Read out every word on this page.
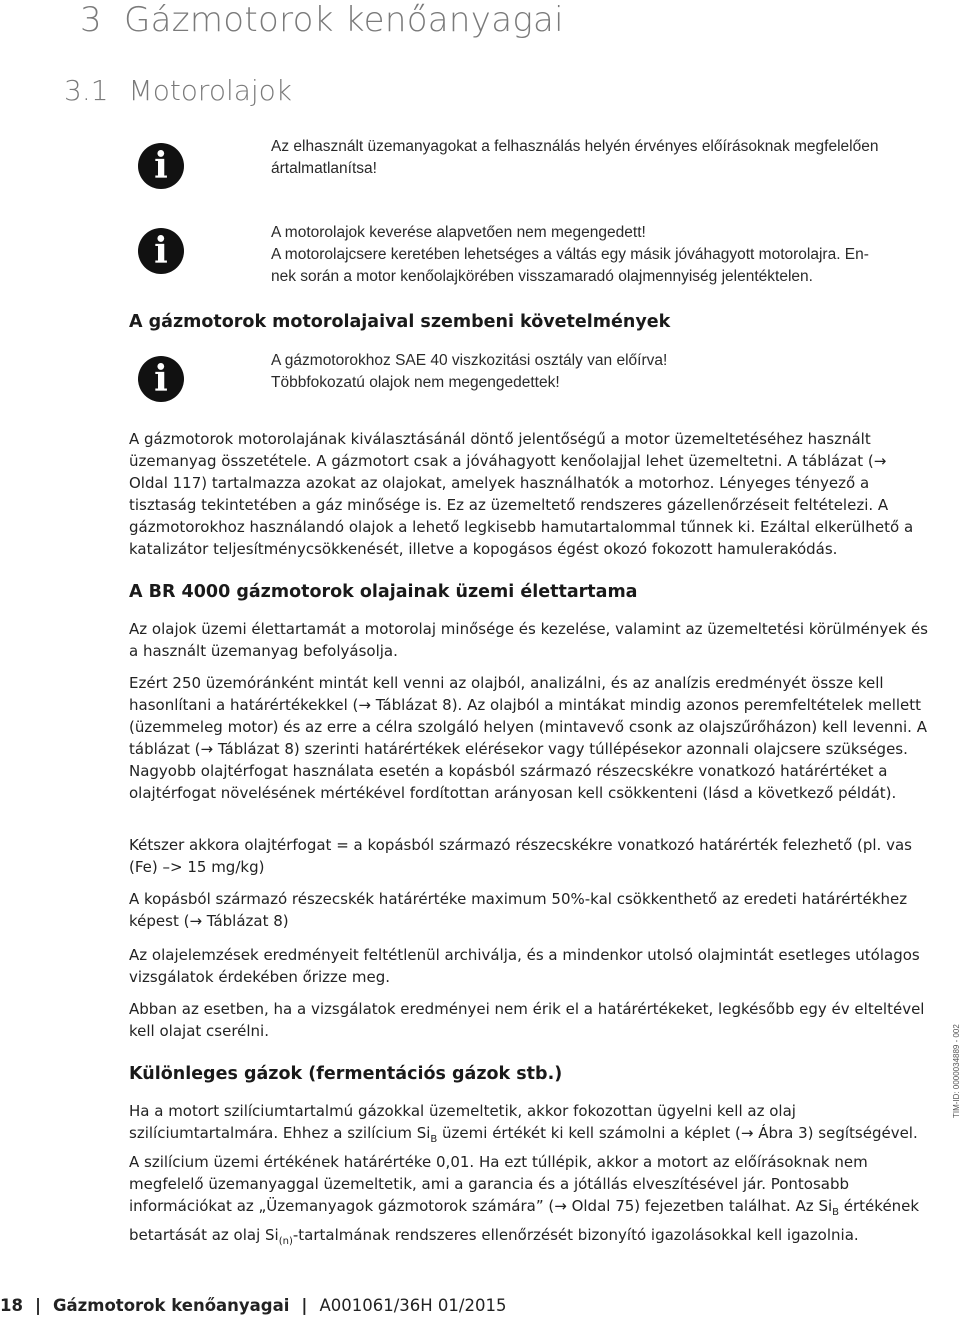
3 Gázmotorok kenőanyagai
3.1 Motorolajok
i	Az elhasznált üzemanyagokat a felhasználás helyén érvényes előírásoknak megfelelően

ártalmatlanítsa!

i	A motorolajok keverése alapvetően nem megengedett!

A motorolajcsere keretében lehetséges a váltás egy másik jóváhagyott motorolajra. En-

nek során a motor kenőolajkörében visszamaradó olajmennyiség jelentéktelen.

A gázmotorok motorolajaival szembeni követelmények
i	A gázmotorokhoz SAE 40 viszkozitási osztály van előírva!

Többfokozatú olajok nem megengedettek!

A gázmotorok motorolajának kiválasztásánál döntő jelentőségű a motor üzemeltetéséhez használt üzemanyag összetétele. A gázmotort csak a jóváhagyott kenőolajjal lehet üzemeltetni. A táblázat (→ Oldal 117) tartalmazza azokat az olajokat, amelyek használhatók a motorhoz. Lényeges tényező a tisztaság tekintetében a gáz minősége is. Ez az üzemeltető rendszeres gázellenőrzéseit feltételezi. A gázmotorokhoz használandó olajok a lehető legkisebb hamutartalommal tűnnek ki. Ezáltal elkerülhető a katalizátor teljesítménycsökkenését, illetve a kopogásos égést okozó fokozott hamulerakódás.

A BR 4000 gázmotorok olajainak üzemi élettartama

Az olajok üzemi élettartamát a motorolaj minősége és kezelése, valamint az üzemeltetési körülmények és a használt üzemanyag befolyásolja.

Ezért 250 üzemóránként mintát kell venni az olajból, analizálni, és az analízis eredményét össze kell hasonlítani a határértékekkel (→ Táblázat 8). Az olajból a mintákat mindig azonos peremfeltételek mellett (üzemmeleg motor) és az erre a célra szolgáló helyen (mintavevő csonk az olajszűrőházon) kell levenni. A táblázat (→ Táblázat 8) szerinti határértékek elérésekor vagy túllépésekor azonnali olajcsere szükséges. Nagyobb olajtérfogat használata esetén a kopásból származó részecskékre vonatkozó határértéket a olajtérfogat növelésének mértékével fordítottan arányosan kell csökkenteni (lásd a következő példát).

Kétszer akkora olajtérfogat = a kopásból származó részecskékre vonatkozó határérték felezhető (pl. vas (Fe) –> 15 mg/kg)

A kopásból származó részecskék határértéke maximum 50%-kal csökkenthető az eredeti határértékhez képest (→ Táblázat 8)

Az olajelemzések eredményeit feltétlenül archiválja, és a mindenkor utolsó olajmintát esetleges utólagos vizsgálatok érdekében őrizze meg.

Abban az esetben, ha a vizsgálatok eredményei nem érik el a határértékeket, legkésőbb egy év elteltével kell olajat cserélni.

Különleges gázok (fermentációs gázok stb.)

Ha a motort szilíciumtartalmú gázokkal üzemeltetik, akkor fokozottan ügyelni kell az olaj szilíciumtartalmára. Ehhez a szilícium $Si_B$ üzemi értékét ki kell számolni a képlet (→ Ábra 3) segítségével. A szilícium üzemi értékének határértéke 0,01. Ha ezt túllépik, akkor a motort az előírásoknak nem megfelelő üzemanyaggal üzemeltetik, ami a garancia és a jótállás elveszítésével jár. Pontosabb információkat az „Üzemanyagok gázmotorok számára” (→ Oldal 75) fejezetben találhat. Az $Si_B$ értékének betartását az olaj $Si_{(n)}$-tartalmának rendszeres ellenőrzését bizonyító igazolásokkal kell igazolnia.

TIM-ID: 0000034889 - 002
18 | Gázmotorok kenőanyagai | A001061/36H 01/2015
